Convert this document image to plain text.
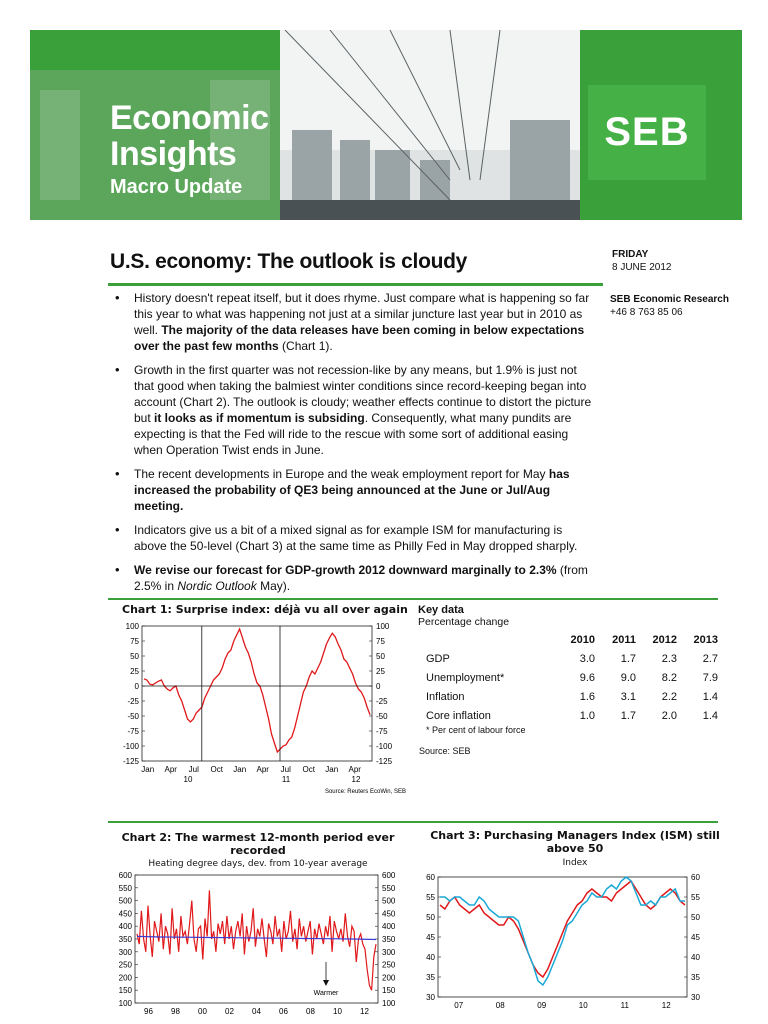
Economic
Insights
Macro Update
SEB
U.S. economy: The outlook is cloudy	FRIDAY
8 JUNE 2012
SEB Economic Research
+46 8 763 85 06
• History doesn't repeat itself, but it does rhyme. Just compare what is happening so far this year to what was happening not just at a similar juncture last year but in 2010 as well. The majority of the data releases have been coming in below expectations over the past few months (Chart 1).
• Growth in the first quarter was not recession-like by any means, but 1.9% is just not that good when taking the balmiest winter conditions since record-keeping began into account (Chart 2). The outlook is cloudy; weather effects continue to distort the picture but it looks as if momentum is subsiding. Consequently, what many pundits are expecting is that the Fed will ride to the rescue with some sort of additional easing when Operation Twist ends in June.
• The recent developments in Europe and the weak employment report for May has increased the probability of QE3 being announced at the June or Jul/Aug meeting.
• Indicators give us a bit of a mixed signal as for example ISM for manufacturing is above the 50-level (Chart 3) at the same time as Philly Fed in May dropped sharply.
• We revise our forecast for GDP-growth 2012 downward marginally to 2.3% (from 2.5% in Nordic Outlook May).
Chart 1: Surprise index: déjà vu all over again
100	100
75	75
50	50
25	25
0	0
-25	-25
-50	-50
-75	-75
-100	-100
-125	-125
Jan Apr Jul Oct Jan Apr Jul Oct Jan Apr
10	11	12
Source: Reuters EcoWin, SEB
Key data
Percentage change
	2010	2011	2012	2013
GDP	3.0	1.7	2.3	2.7
Unemployment*	9.6	9.0	8.2	7.9
Inflation	1.6	3.1	2.2	1.4
Core inflation	1.0	1.7	2.0	1.4
* Per cent of labour force
Source: SEB
Chart 2: The warmest 12-month period ever
recorded
Heating degree days, dev. from 10-year average
600	600
550	550
500	500
450	450
400	400
350	350
300	300
250	250
200	200
150	150
100	100
96 98 00 02 04 06 08 10 12
Warmer
Chart 3: Purchasing Managers Index (ISM) still
above 50
Index
60	60
55	55
50	50
45	45
40	40
35	35
30	30
07	08	09	10	11	12
